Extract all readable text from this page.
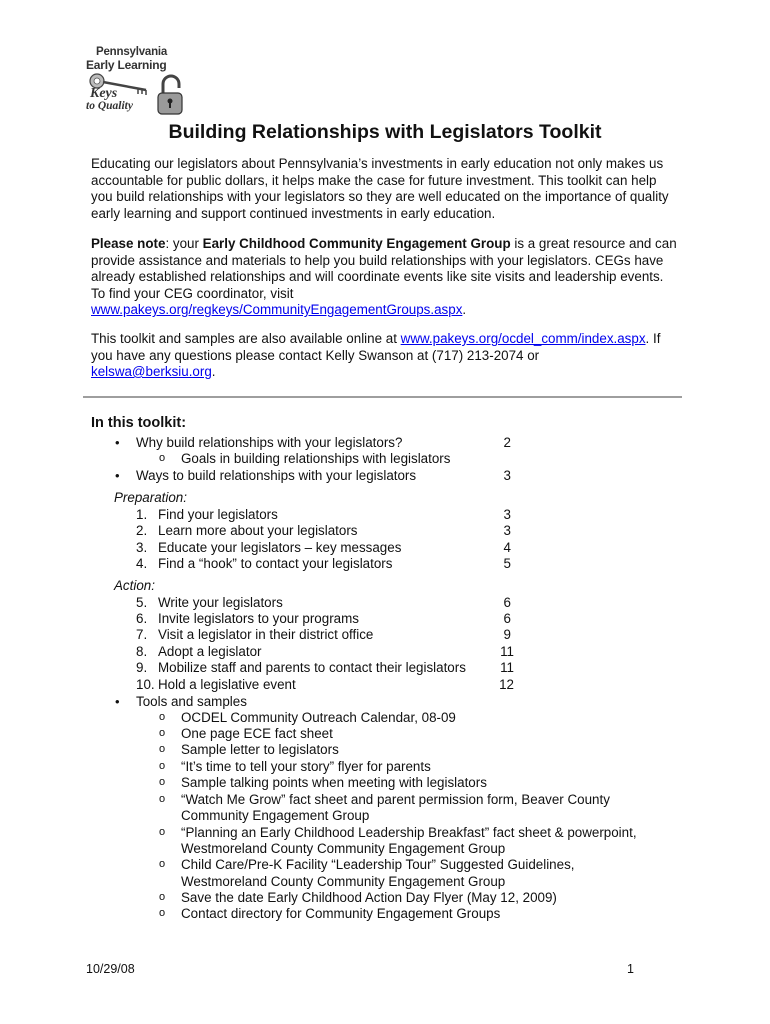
Pennsylvania
Early Learning
Keys
to Quality
Building Relationships with Legislators Toolkit
Educating our legislators about Pennsylvania’s investments in early education not only makes us accountable for public dollars, it helps make the case for future investment. This toolkit can help you build relationships with your legislators so they are well educated on the importance of quality early learning and support continued investments in early education.
Please note: your Early Childhood Community Engagement Group is a great resource and can provide assistance and materials to help you build relationships with your legislators. CEGs have already established relationships and will coordinate events like site visits and leadership events. To find your CEG coordinator, visit
www.pakeys.org/regkeys/CommunityEngagementGroups.aspx.
This toolkit and samples are also available online at www.pakeys.org/ocdel_comm/index.aspx. If you have any questions please contact Kelly Swanson at (717) 213-2074 or
kelswa@berksiu.org.
In this toolkit:
• Why build relationships with your legislators?	2
o Goals in building relationships with legislators
• Ways to build relationships with your legislators	3
Preparation:
1. Find your legislators	3
2. Learn more about your legislators	3
3. Educate your legislators – key messages	4
4. Find a “hook” to contact your legislators	5
Action:
5. Write your legislators	6
6. Invite legislators to your programs	6
7. Visit a legislator in their district office	9
8. Adopt a legislator	11
9. Mobilize staff and parents to contact their legislators	11
10. Hold a legislative event	12
• Tools and samples
o OCDEL Community Outreach Calendar, 08-09
o One page ECE fact sheet
o Sample letter to legislators
o “It’s time to tell your story” flyer for parents
o Sample talking points when meeting with legislators
o “Watch Me Grow” fact sheet and parent permission form, Beaver County
Community Engagement Group
o “Planning an Early Childhood Leadership Breakfast” fact sheet & powerpoint,
Westmoreland County Community Engagement Group
o Child Care/Pre-K Facility “Leadership Tour” Suggested Guidelines,
Westmoreland County Community Engagement Group
o Save the date Early Childhood Action Day Flyer (May 12, 2009)
o Contact directory for Community Engagement Groups
10/29/08	1
